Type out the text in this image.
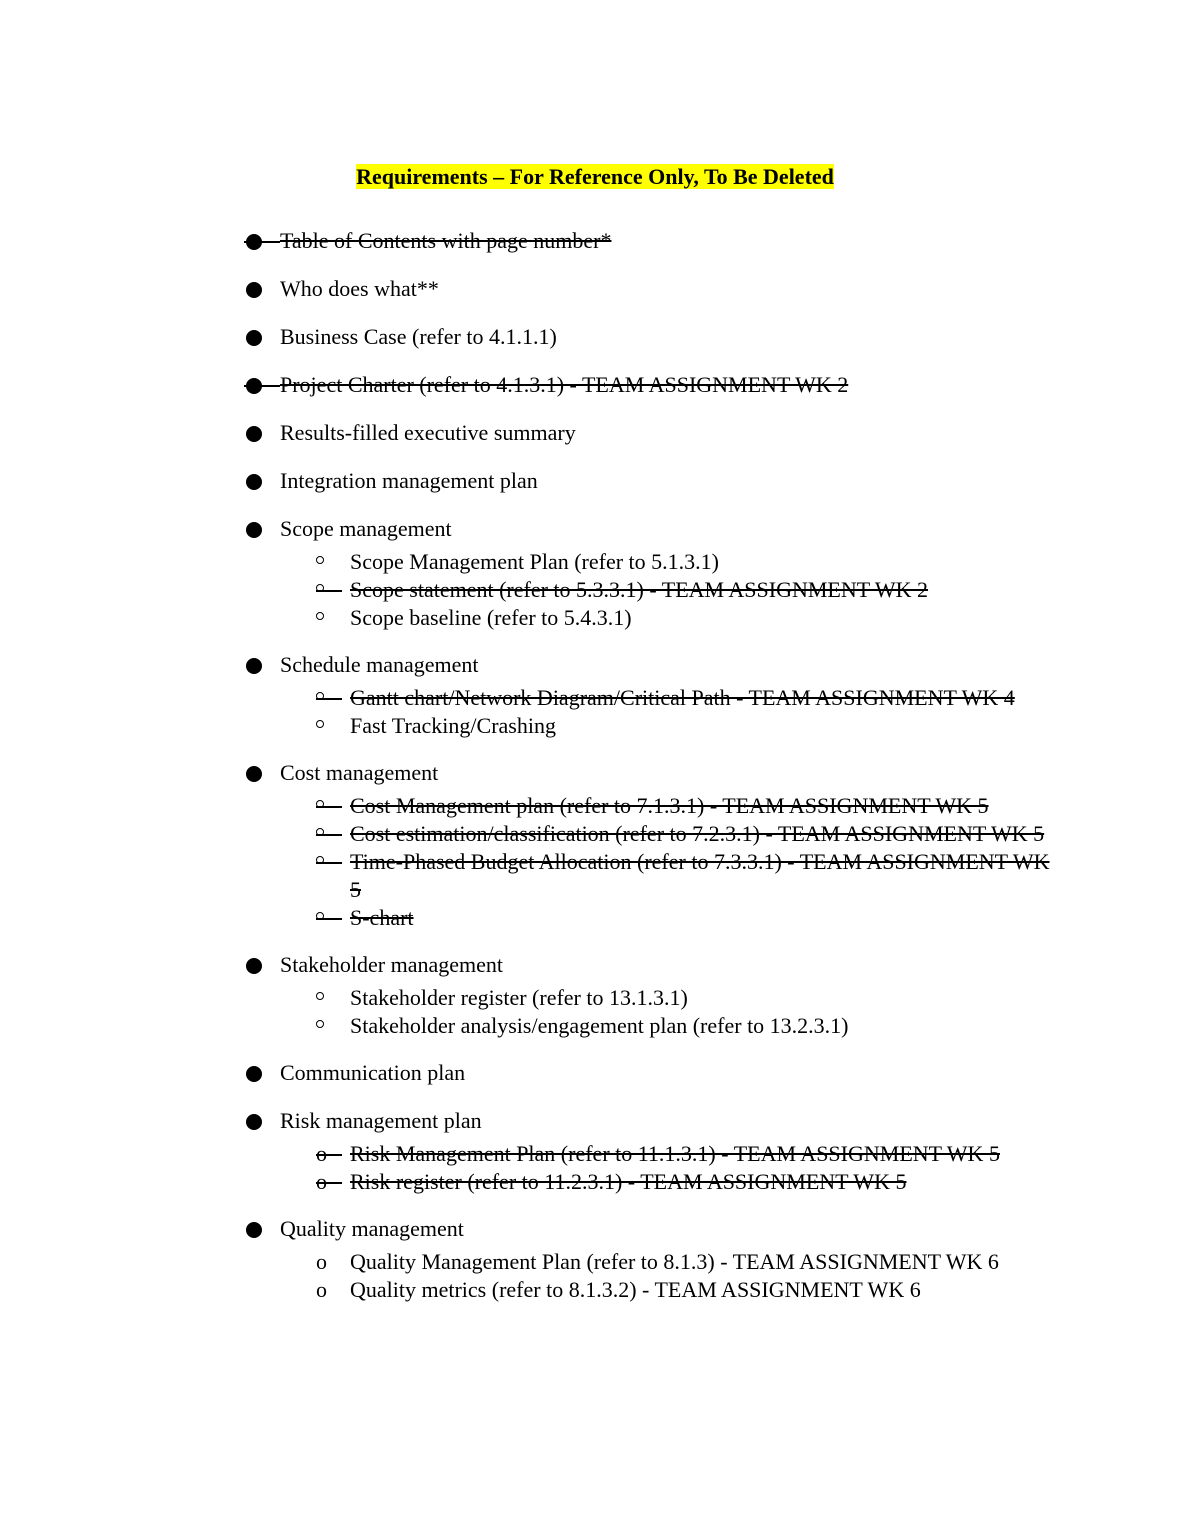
Requirements – For Reference Only, To Be Deleted
Table of Contents with page number*
Who does what**
Business Case (refer to 4.1.1.1)
Project Charter (refer to 4.1.3.1) - TEAM ASSIGNMENT WK 2
Results-filled executive summary
Integration management plan
Scope management
Scope Management Plan (refer to 5.1.3.1)
Scope statement (refer to 5.3.3.1) - TEAM ASSIGNMENT WK 2
Scope baseline (refer to 5.4.3.1)
Schedule management
Gantt chart/Network Diagram/Critical Path - TEAM ASSIGNMENT WK 4
Fast Tracking/Crashing
Cost management
Cost Management plan (refer to 7.1.3.1) - TEAM ASSIGNMENT WK 5
Cost estimation/classification (refer to 7.2.3.1) - TEAM ASSIGNMENT WK 5
Time-Phased Budget Allocation (refer to 7.3.3.1) - TEAM ASSIGNMENT WK 5
S-chart
Stakeholder management
Stakeholder register (refer to 13.1.3.1)
Stakeholder analysis/engagement plan (refer to 13.2.3.1)
Communication plan
Risk management plan
Risk Management Plan (refer to 11.1.3.1) - TEAM ASSIGNMENT WK 5
Risk register (refer to 11.2.3.1) - TEAM ASSIGNMENT WK 5
Quality management
o Quality Management Plan (refer to 8.1.3) - TEAM ASSIGNMENT WK 6
o Quality metrics (refer to 8.1.3.2) - TEAM ASSIGNMENT WK 6
